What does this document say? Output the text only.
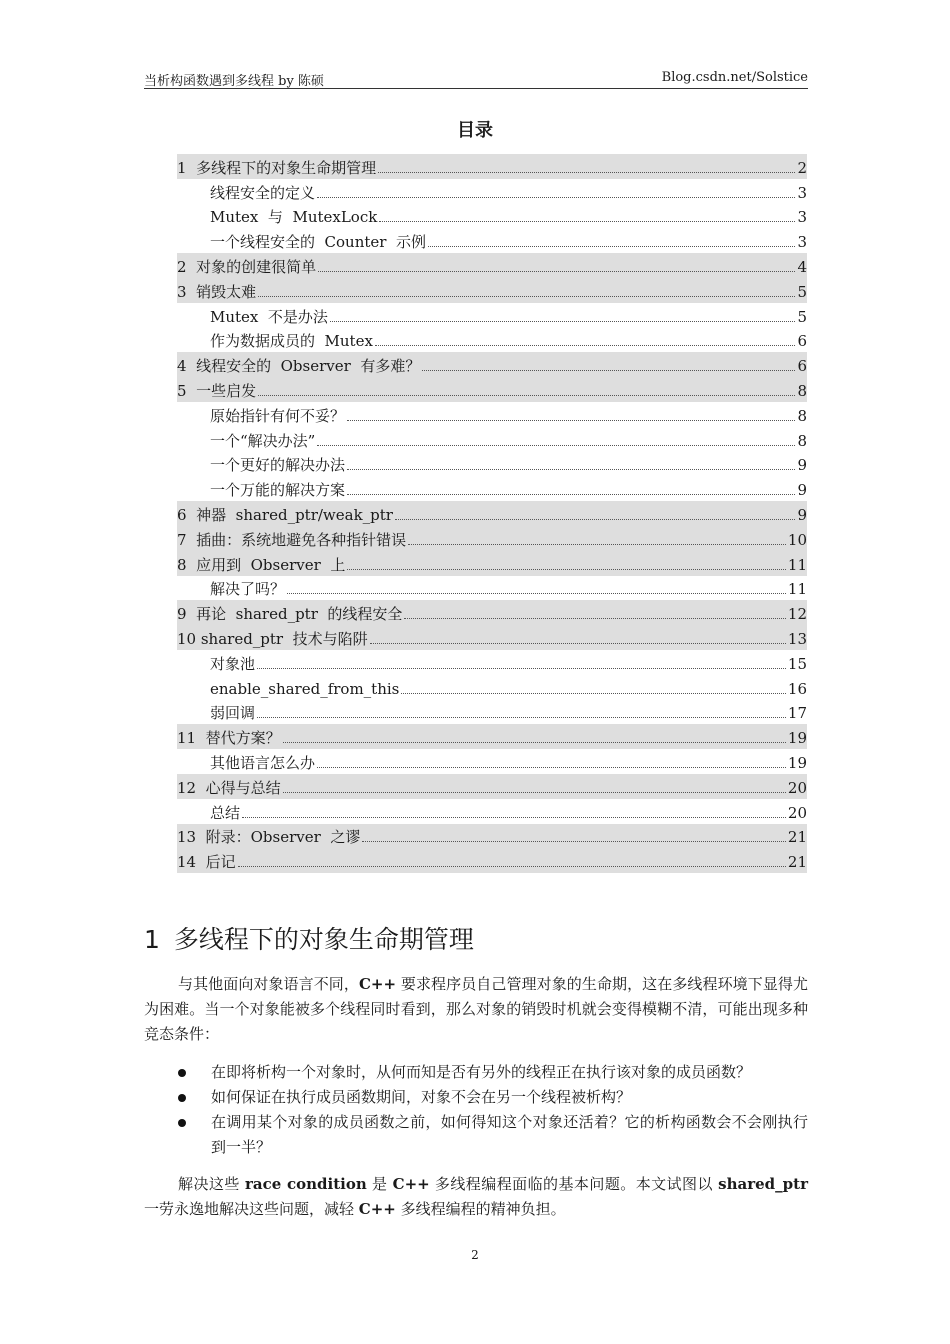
当析构函数遇到多线程 by 陈硕	Blog.csdn.net/Solstice
目录
1  多线程下的对象生命期管理	2
线程安全的定义	3
Mutex  与  MutexLock	3
一个线程安全的  Counter  示例	3
2  对象的创建很简单	4
3  销毁太难	5
Mutex  不是办法	5
作为数据成员的  Mutex	6
4  线程安全的  Observer  有多难？	6
5  一些启发	8
原始指针有何不妥？	8
一个“解决办法”	8
一个更好的解决办法	9
一个万能的解决方案	9
6  神器  shared_ptr/weak_ptr	9
7  插曲：系统地避免各种指针错误	10
8  应用到  Observer  上	11
解决了吗？	11
9  再论  shared_ptr  的线程安全	12
10 shared_ptr  技术与陷阱	13
对象池	15
enable_shared_from_this	16
弱回调	17
11  替代方案？	19
其他语言怎么办	19
12  心得与总结	20
总结	20
13  附录：Observer  之谬	21
14  后记	21
1 多线程下的对象生命期管理
与其他面向对象语言不同，C++ 要求程序员自己管理对象的生命期，这在多线程环境下显得尤为困难。当一个对象能被多个线程同时看到，那么对象的销毁时机就会变得模糊不清，可能出现多种竞态条件：
在即将析构一个对象时，从何而知是否有另外的线程正在执行该对象的成员函数？
如何保证在执行成员函数期间，对象不会在另一个线程被析构？
在调用某个对象的成员函数之前，如何得知这个对象还活着？它的析构函数会不会刚执行到一半？
解决这些 race condition 是 C++ 多线程编程面临的基本问题。本文试图以 shared_ptr 一劳永逸地解决这些问题，减轻 C++ 多线程编程的精神负担。
2
